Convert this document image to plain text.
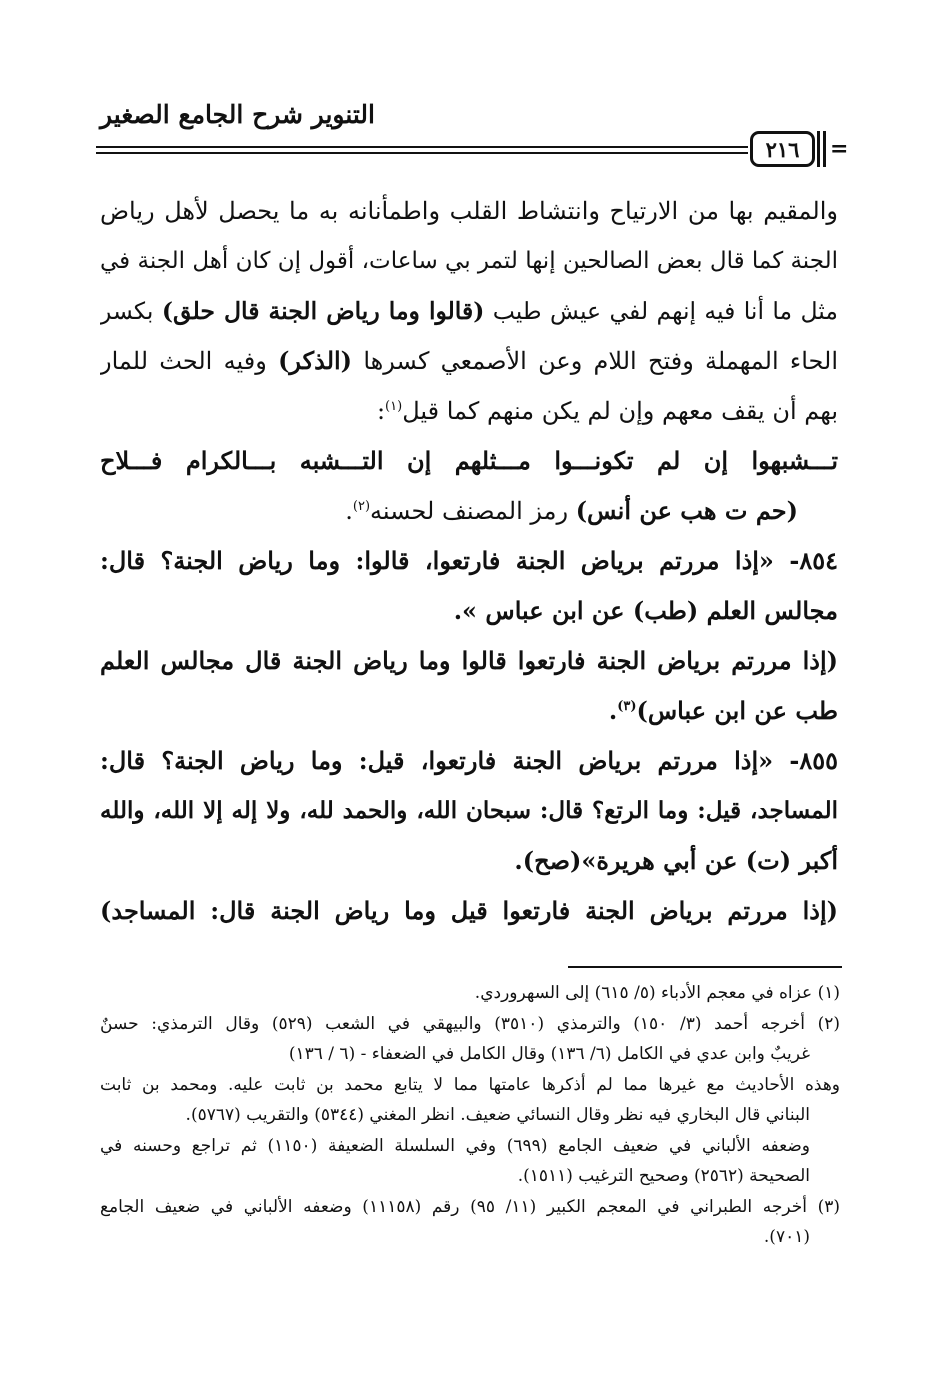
التنوير شرح الجامع الصغير
٢١٦ =
والمقيم بها من الارتياح وانتشاط القلب واطمأنانه به ما يحصل لأهل رياض
الجنة كما قال بعض الصالحين إنها لتمر بي ساعات، أقول إن كان أهل الجنة في
مثل ما أنا فيه إنهم لفي عيش طيب (قالوا وما رياض الجنة قال حلق) بكسر
الحاء المهملة وفتح اللام وعن الأصمعي كسرها (الذكر) وفيه الحث للمار
بهم أن يقف معهم وإن لم يكن منهم كما قيل$^{(١)}$:
تـــشبهوا إن لم تكونـــوا مـــثلهم إن التـــشبه بـــالكرام فـــلاح
(حم ت هب عن أنس) رمز المصنف لحسنه$^{(٢)}$.
٨٥٤- «إذا مررتم برياض الجنة فارتعوا، قالوا: وما رياض الجنة؟ قال:
مجالس العلم (طب) عن ابن عباس ».
(إذا مررتم برياض الجنة فارتعوا قالوا وما رياض الجنة قال مجالس العلم
طب عن ابن عباس)$^{(٣)}$.
٨٥٥- «إذا مررتم برياض الجنة فارتعوا، قيل: وما رياض الجنة؟ قال:
المساجد، قيل: وما الرتع؟ قال: سبحان الله، والحمد لله، ولا إله إلا الله، والله
أكبر (ت) عن أبي هريرة»(صح).
(إذا مررتم برياض الجنة فارتعوا قيل وما رياض الجنة قال: المساجد)
(١) عزاه في معجم الأدباء (٥/ ٦١٥) إلى السهروردي.
(٢) أخرجه أحمد (٣/ ١٥٠) والترمذي (٣٥١٠) والبيهقي في الشعب (٥٢٩) وقال الترمذي: حسنٌ
غريبٌ وابن عدي في الكامل (٦/ ١٣٦) وقال الكامل في الضعفاء - (٦ / ١٣٦)
وهذه الأحاديث مع غيرها مما لم أذكرها عامتها مما لا يتابع محمد بن ثابت عليه. ومحمد بن ثابت
البناني قال البخاري فيه نظر وقال النسائي ضعيف. انظر المغني (٥٣٤٤) والتقريب (٥٧٦٧).
وضعفه الألباني في ضعيف الجامع (٦٩٩) وفي السلسلة الضعيفة (١١٥٠) ثم تراجع وحسنه في
الصحيحة (٢٥٦٢) وصحيح الترغيب (١٥١١).
(٣) أخرجه الطبراني في المعجم الكبير (١١/ ٩٥) رقم (١١١٥٨) وضعفه الألباني في ضعيف الجامع
(٧٠١).
